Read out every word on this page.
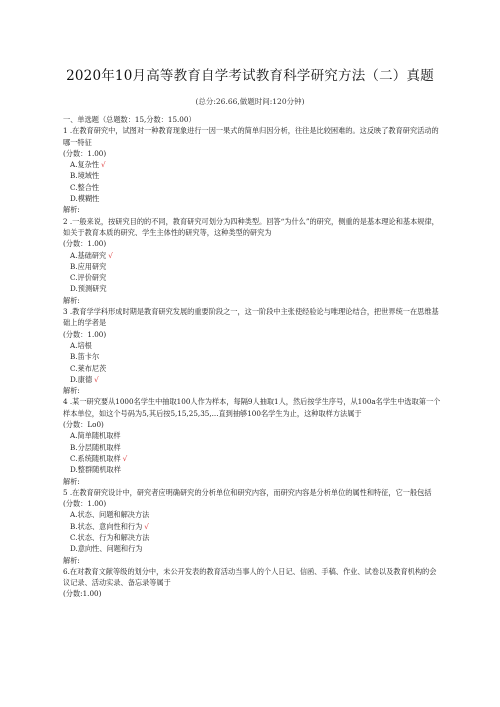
2020年10月高等教育自学考试教育科学研究方法（二）真题
(总分:26.66,做题时间:120分钟)
一、单选题（总题数：15,分数：15.00）
1 .在教育研究中，试图对一种教育现象进行一因一果式的简单归因分析，往往是比较困难的。这反映了教育研究活动的哪一特征
(分数：1.00)
A.复杂性 √
B.境域性
C.整合性
D.模糊性
解析:
2 .一般来说，按研究目的的不同，教育研究可划分为四种类型。回答“为什么”的研究，侧重的是基本理论和基本规律，如关于教育本质的研究、学生主体性的研究等，这种类型的研究为
(分数：1.00)
A.基础研究 √
B.应用研究
C.评价研究
D.预测研究
解析:
3 .教育学学科形成时期是教育研究发展的重要阶段之一，这一阶段中主张使经验论与唯理论结合，把世界统一在思维基础上的学者是
(分数：1.00)
A.培根
B.笛卡尔
C.莱布尼茨
D.康德 √
解析:
4 .某一研究要从1000名学生中抽取100人作为样本，每隔9人抽取1人，然后按学生序号，从100a名学生中选取第一个样本单位，如这个号码为5,其后按5,15,25,35,...直到抽够100名学生为止，这种取样方法属于
(分数：Lo0)
A.简单随机取样
B.分层随机取样
C.系统随机取样 √
D.整群随机取样
解析:
5 .在教育研究设计中，研究者应明确研究的分析单位和研究内容，而研究内容是分析单位的属性和特征，它一般包括
(分数：1.00)
A.状态、问题和解决方法
B.状态、意向性和行为 √
C.状态、行为和解决方法
D.意向性、问题和行为
解析:
6.在对教育文献等级的划分中，未公开发表的教育活动当事人的个人日记、信函、手稿、作业、试卷以及教育机构的会议记录、活动实录、备忘录等属于
(分数:1.00)
